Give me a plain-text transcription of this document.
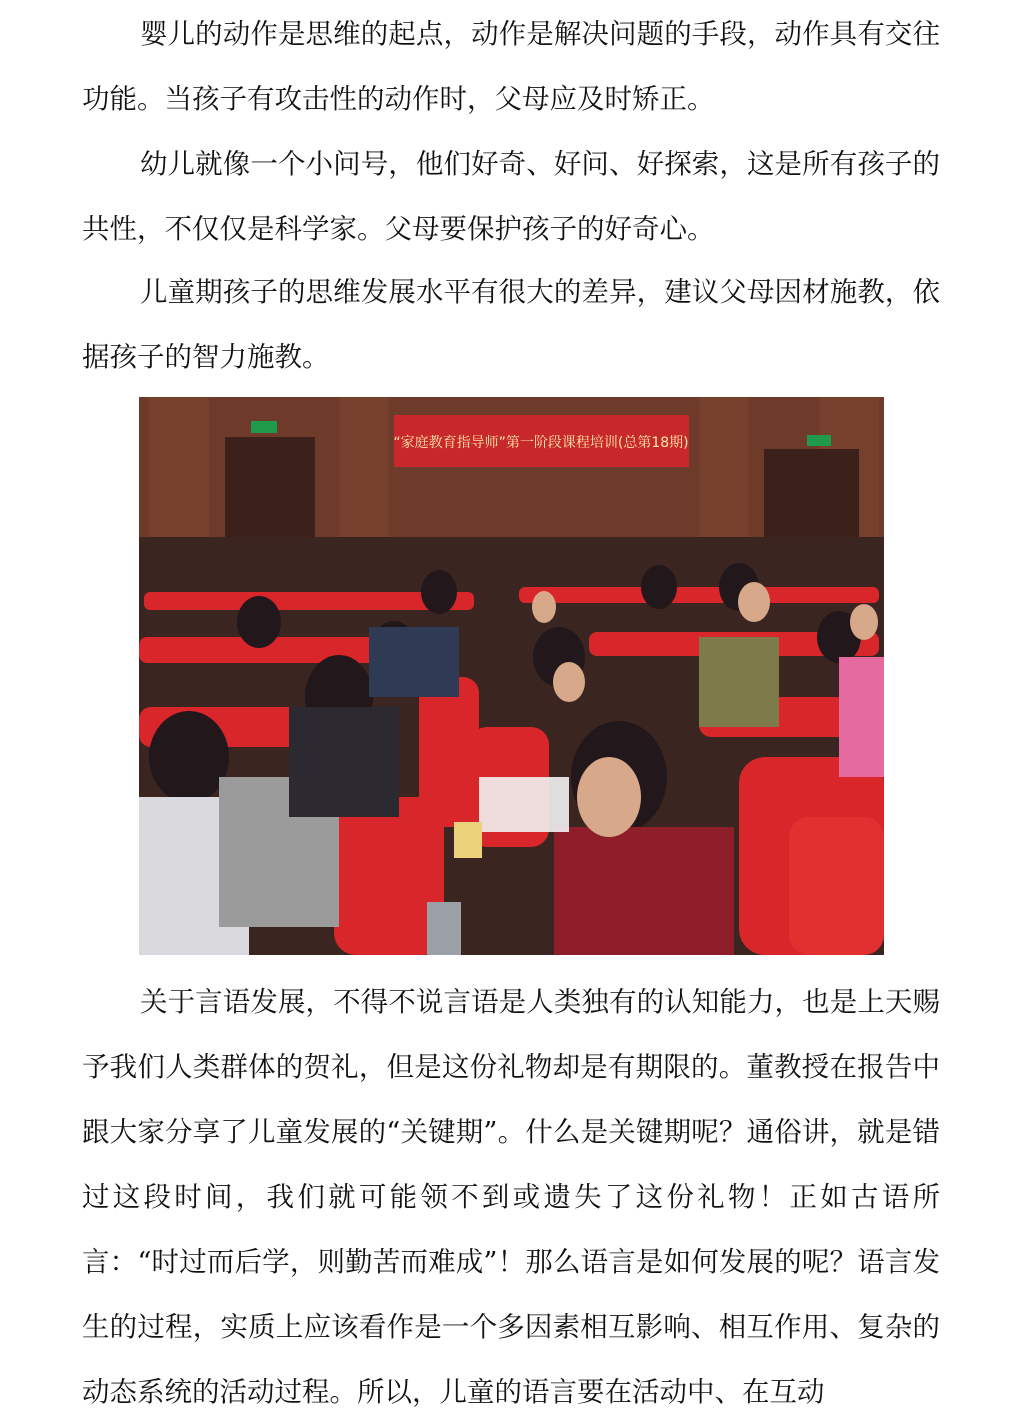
婴儿的动作是思维的起点，动作是解决问题的手段，动作具有交往功能。当孩子有攻击性的动作时，父母应及时矫正。

幼儿就像一个小问号，他们好奇、好问、好探索，这是所有孩子的共性，不仅仅是科学家。父母要保护孩子的好奇心。

儿童期孩子的思维发展水平有很大的差异，建议父母因材施教，依据孩子的智力施教。

“家庭教育指导师”第一阶段课程培训(总第18期)

关于言语发展，不得不说言语是人类独有的认知能力，也是上天赐予我们人类群体的贺礼，但是这份礼物却是有期限的。董教授在报告中跟大家分享了儿童发展的“关键期”。什么是关键期呢？通俗讲，就是错过这段时间，我们就可能领不到或遗失了这份礼物！正如古语所言：“时过而后学，则勤苦而难成”！那么语言是如何发展的呢？语言发生的过程，实质上应该看作是一个多因素相互影响、相互作用、复杂的动态系统的活动过程。所以，儿童的语言要在活动中、在互动
